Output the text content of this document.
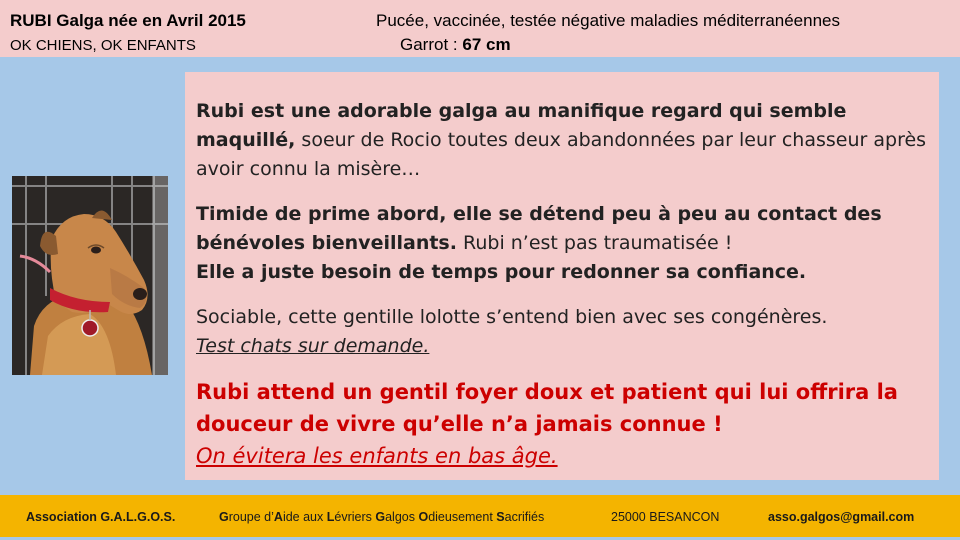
RUBI Galga née en Avril 2015
OK CHIENS, OK ENFANTS
Pucée, vaccinée, testée négative maladies méditerranéennes
Garrot : 67 cm
Rubi est une adorable galga au manifique regard qui semble maquillé, soeur de Rocio toutes deux abandonnées par leur chasseur après avoir connu la misère…
Timide de prime abord, elle se détend peu à peu au contact des bénévoles bienveillants. Rubi n’est pas traumatisée !
Elle a juste besoin de temps pour redonner sa confiance.
Sociable, cette gentille lolotte s’entend bien avec ses congénères.
Test chats sur demande.
Rubi attend un gentil foyer doux et patient qui lui offrira la douceur de vivre qu’elle n’a jamais connue !
On évitera les enfants en bas âge.
Association G.A.L.G.O.S.	Groupe d’Aide aux Lévriers Galgos Odieusement Sacrifiés	25000 BESANCON	asso.galgos@gmail.com
